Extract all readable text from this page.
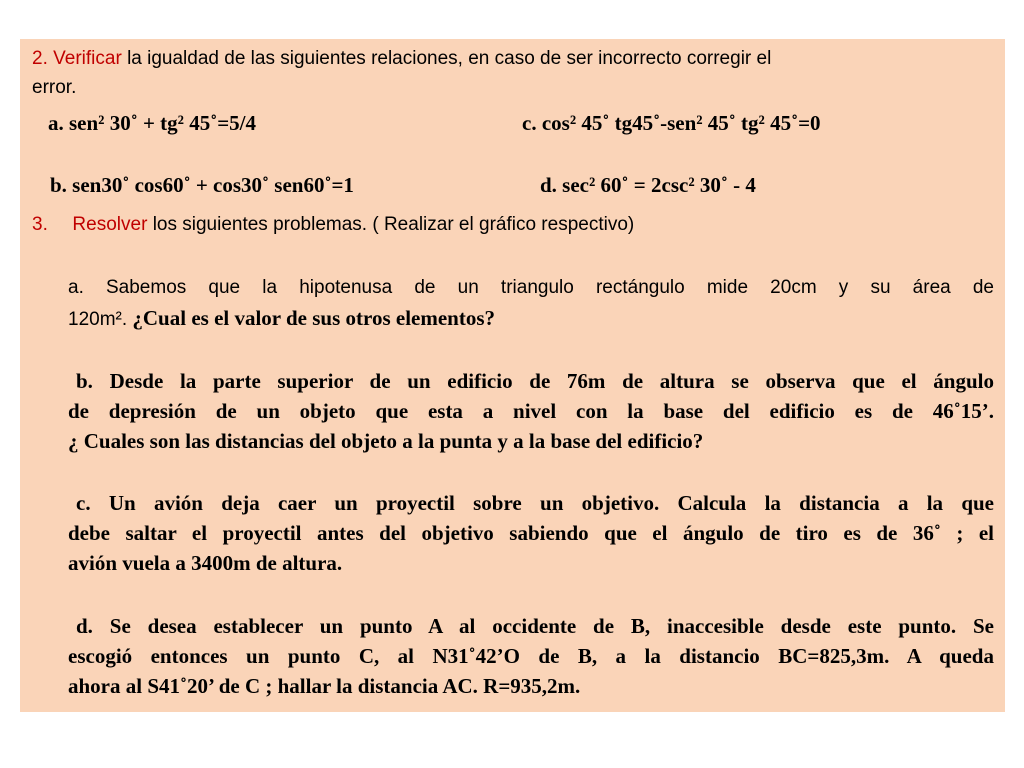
2. Verificar la igualdad de las siguientes relaciones, en caso de ser incorrecto corregir el
error.
a. sen² 30˚ + tg² 45˚=5/4	c. cos² 45˚ tg45˚-sen² 45˚ tg² 45˚=0
b. sen30˚ cos60˚ + cos30˚ sen60˚=1	d. sec² 60˚ = 2csc² 30˚ - 4
3. Resolver los siguientes problemas. ( Realizar el gráfico respectivo)
a. Sabemos que la hipotenusa de un triangulo rectángulo mide 20cm y su área de
120m². ¿Cual es el valor de sus otros elementos?
b. Desde la parte superior de un edificio de 76m de altura se observa que el ángulo
de depresión de un objeto que esta a nivel con la base del edificio es de 46˚15’.
¿ Cuales son las distancias del objeto a la punta y a la base del edificio?
c. Un avión deja caer un proyectil sobre un objetivo. Calcula la distancia a la que
debe saltar el proyectil antes del objetivo sabiendo que el ángulo de tiro es de 36˚ ; el
avión vuela a 3400m de altura.
d. Se desea establecer un punto A al occidente de B, inaccesible desde este punto. Se
escogió entonces un punto C, al N31˚42’O de B, a la distancio BC=825,3m. A queda
ahora al S41˚20’ de C ; hallar la distancia AC. R=935,2m.
